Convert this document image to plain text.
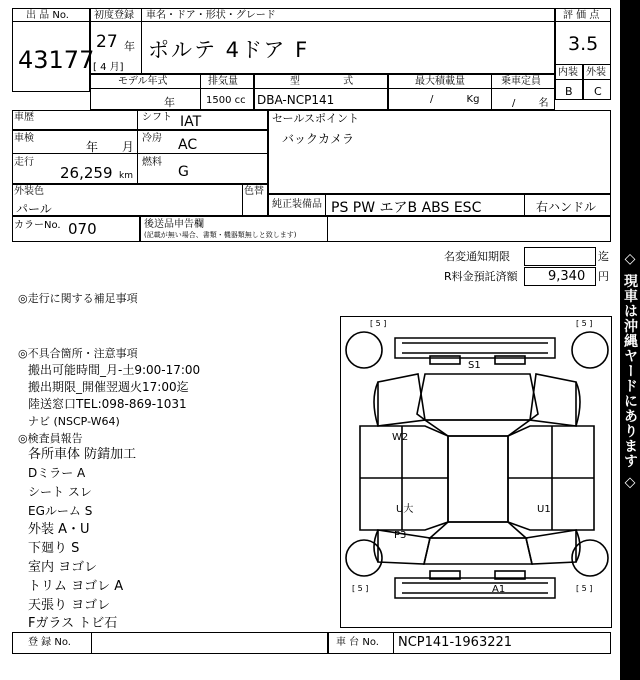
出 品 No.
43177
初度登録 車名・ドア・形状・グレード
27 年
[ 4 月]
ポルテ 4ドア F
評 価 点
3.5
内装 外装
B C
モデル年式	排気量	型 式	最大積載量	乗車定員
年	1500 cc DBA-NCP141	/ Kg	/ 名
車歴	シフト IAT
車検
年 月
冷房 AC
走行
26,259 km
燃料
G
外装色
パール
色替
セールスポイント
バックカメラ
純正装備品 PS PW エアB ABS ESC	右ハンドル
カラーNo. 070	後送品申告欄
(記載が無い場合、書類・機器類無しと致します)
名変通知期限	迄
R料金預託済額 9,340 円 ◇ 現車は沖縄ヤードにあります ◇
◎走行に関する補足事項
◎不具合箇所・注意事項
搬出可能時間_月-土9:00-17:00
搬出期限_開催翌週火17:00迄
陸送窓口TEL:098-869-1031
ナビ (NSCP-W64)
◎検査員報告
各所車体 防錆加工
Dミラー A
シート スレ
EGルーム S
外装 A・U
下廻り S
室内 ヨゴレ
トリム ヨゴレ A
天張り ヨゴレ
Fガラス トビ石
[ 5 ]	[ 5 ]
[ 5 ]	[ 5 ]
S1
W2
U大	U1
P3
A1
登 録 No.	車 台 No. NCP141-1963221
